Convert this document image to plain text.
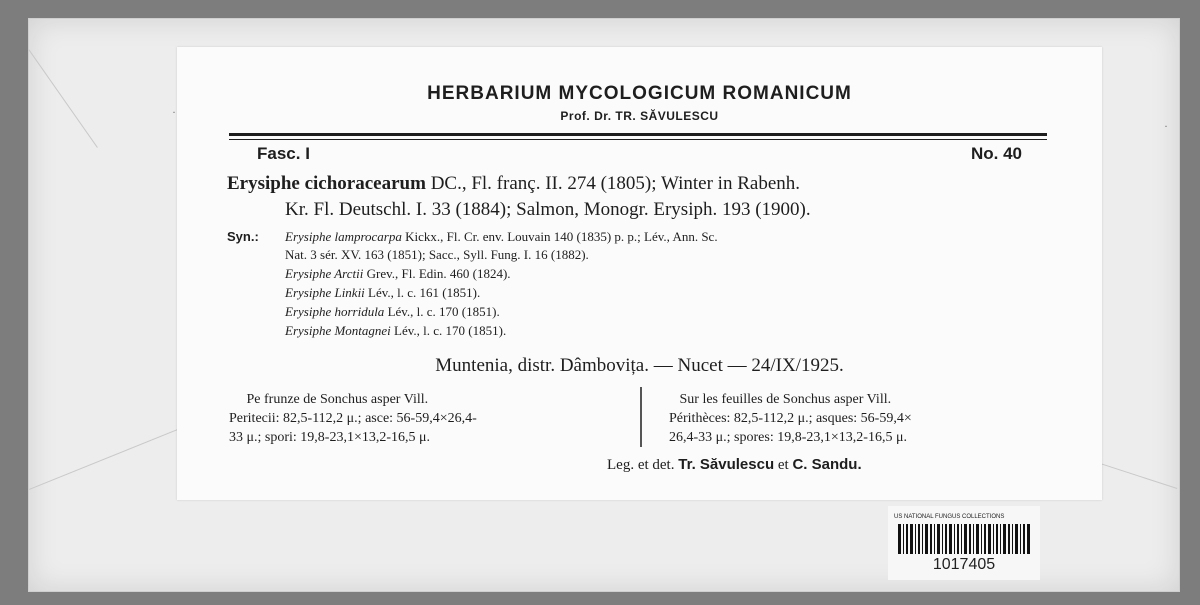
HERBARIUM MYCOLOGICUM ROMANICUM
Prof. Dr. TR. SĂVULESCU
Fasc. I	No. 40
Erysiphe cichoracearum DC., Fl. franç. II. 274 (1805); Winter in Rabenh.
Kr. Fl. Deutschl. I. 33 (1884); Salmon, Monogr. Erysiph. 193 (1900).
Syn.: Erysiphe lamprocarpa Kickx., Fl. Cr. env. Louvain 140 (1835) p. p.; Lév., Ann. Sc.
Nat. 3 sér. XV. 163 (1851); Sacc., Syll. Fung. I. 16 (1882).
Erysiphe Arctii Grev., Fl. Edin. 460 (1824).
Erysiphe Linkii Lév., l. c. 161 (1851).
Erysiphe horridula Lév., l. c. 170 (1851).
Erysiphe Montagnei Lév., l. c. 170 (1851).
Muntenia, distr. Dâmbovița. — Nucet — 24/IX/1925.
Pe frunze de Sonchus asper Vill.
Peritecii: 82,5-112,2 μ.; asce: 56-59,4×26,4-
33 μ.; spori: 19,8-23,1×13,2-16,5 μ.
Sur les feuilles de Sonchus asper Vill.
Périthèces: 82,5-112,2 μ.; asques: 56-59,4×
26,4-33 μ.; spores: 19,8-23,1×13,2-16,5 μ.
Leg. et det. Tr. Săvulescu et C. Sandu.
·
·
US NATIONAL FUNGUS COLLECTIONS
1017405
